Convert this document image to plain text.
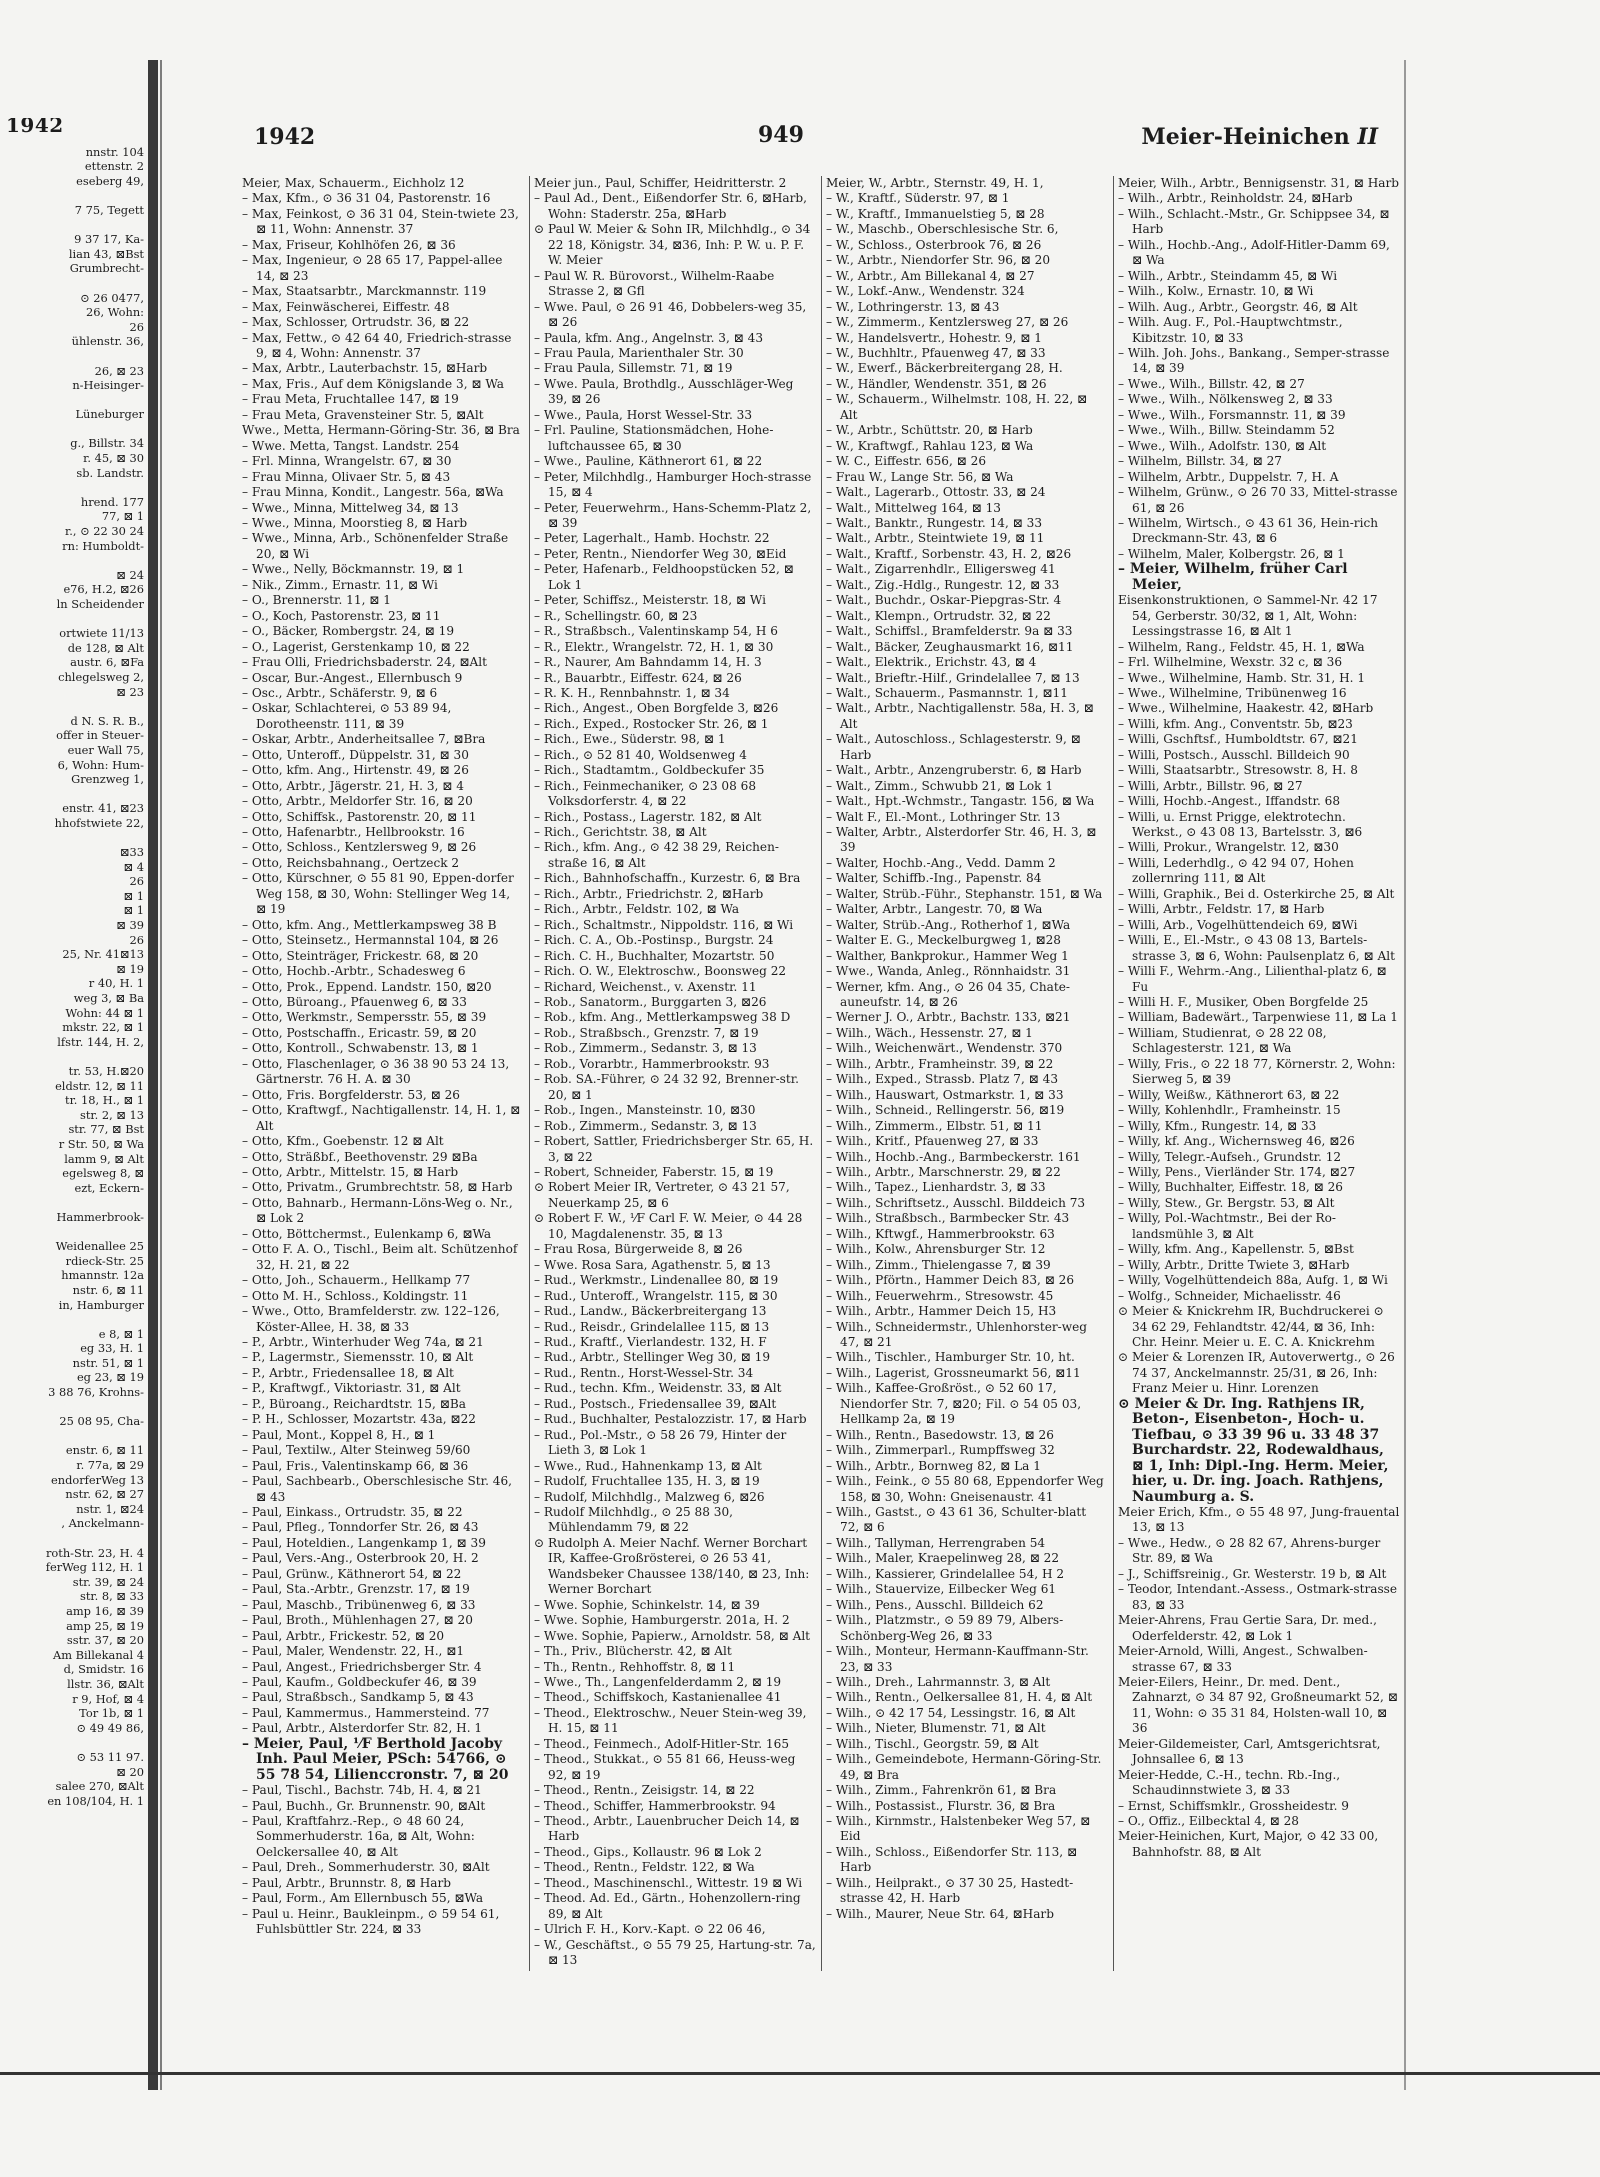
1942
nnstr. 104
ettenstr. 2
eseberg 49,

7 75, Tegett

9 37 17, Ka-
lian 43, ⊠Bst
Grumbrecht-

⊙ 26 0477,
26, Wohn:
26
ühlenstr. 36,

26, ⊠ 23
n-Heisinger-

Lüneburger

g., Billstr. 34
r. 45, ⊠ 30
sb. Landstr.

hrend. 177
77, ⊠ 1
r., ⊙ 22 30 24
rn: Humboldt-

⊠ 24
e76, H.2, ⊠26
ln Scheidender

ortwiete 11/13
de 128, ⊠ Alt
austr. 6, ⊠Fa
chlegelsweg 2,
⊠ 23

d N. S. R. B.,
offer in Steuer-
euer Wall 75,
6, Wohn: Hum-
Grenzweg 1,

enstr. 41, ⊠23
hhofstwiete 22,

⊠33
⊠ 4
26
⊠ 1
⊠ 1
⊠ 39
26
25, Nr. 41⊠13
⊠ 19
r 40, H. 1
weg 3, ⊠ Ba
Wohn: 44 ⊠ 1
mkstr. 22, ⊠ 1
lfstr. 144, H. 2,

tr. 53, H.⊠20
eldstr. 12, ⊠ 11
tr. 18, H., ⊠ 1
str. 2, ⊠ 13
str. 77, ⊠ Bst
r Str. 50, ⊠ Wa
lamm 9, ⊠ Alt
egelsweg 8, ⊠
ezt, Eckern-

Hammerbrook-

Weidenallee 25
rdieck-Str. 25
hmannstr. 12a
nstr. 6, ⊠ 11
in, Hamburger

e 8, ⊠ 1
eg 33, H. 1
nstr. 51, ⊠ 1
eg 23, ⊠ 19
3 88 76, Krohns-

25 08 95, Cha-

enstr. 6, ⊠ 11
r. 77a, ⊠ 29
endorferWeg 13
nstr. 62, ⊠ 27
nstr. 1, ⊠24
, Anckelmann-

roth-Str. 23, H. 4
ferWeg 112, H. 1
str. 39, ⊠ 24
str. 8, ⊠ 33
amp 16, ⊠ 39
amp 25, ⊠ 19
sstr. 37, ⊠ 20
Am Billekanal 4
d, Smidstr. 16
llstr. 36, ⊠Alt
r 9, Hof, ⊠ 4
Tor 1b, ⊠ 1
⊙ 49 49 86,

⊙ 53 11 97.
⊠ 20
salee 270, ⊠Alt
en 108/104, H. 1
1942	949	Meier-Heinichen II
Meier, Max, Schauerm., Eichholz 12
– Max, Kfm., ⊙ 36 31 04, Pastorenstr. 16
– Max, Feinkost, ⊙ 36 31 04, Stein-twiete 23, ⊠ 11, Wohn: Annenstr. 37
– Max, Friseur, Kohlhöfen 26, ⊠ 36
– Max, Ingenieur, ⊙ 28 65 17, Pappel-allee 14, ⊠ 23
– Max, Staatsarbtr., Marckmannstr. 119
– Max, Feinwäscherei, Eiffestr. 48
– Max, Schlosser, Ortrudstr. 36, ⊠ 22
– Max, Fettw., ⊙ 42 64 40, Friedrich-strasse 9, ⊠ 4, Wohn: Annenstr. 37
– Max, Arbtr., Lauterbachstr. 15, ⊠Harb
– Max, Fris., Auf dem Königslande 3, ⊠ Wa
– Frau Meta, Fruchtallee 147, ⊠ 19
– Frau Meta, Gravensteiner Str. 5, ⊠Alt
Wwe., Metta, Hermann-Göring-Str. 36, ⊠ Bra
– Wwe. Metta, Tangst. Landstr. 254
– Frl. Minna, Wrangelstr. 67, ⊠ 30
– Frau Minna, Olivaer Str. 5, ⊠ 43
– Frau Minna, Kondit., Langestr. 56a, ⊠Wa
– Wwe., Minna, Mittelweg 34, ⊠ 13
– Wwe., Minna, Moorstieg 8, ⊠ Harb
– Wwe., Minna, Arb., Schönenfelder Straße 20, ⊠ Wi
– Wwe., Nelly, Böckmannstr. 19, ⊠ 1
– Nik., Zimm., Ernastr. 11, ⊠ Wi
– O., Brennerstr. 11, ⊠ 1
– O., Koch, Pastorenstr. 23, ⊠ 11
– O., Bäcker, Rombergstr. 24, ⊠ 19
– O., Lagerist, Gerstenkamp 10, ⊠ 22
– Frau Olli, Friedrichsbaderstr. 24, ⊠Alt
– Oscar, Bur.-Angest., Ellernbusch 9
– Osc., Arbtr., Schäferstr. 9, ⊠ 6
– Oskar, Schlachterei, ⊙ 53 89 94, Dorotheenstr. 111, ⊠ 39
– Oskar, Arbtr., Anderheitsallee 7, ⊠Bra
– Otto, Unteroff., Düppelstr. 31, ⊠ 30
– Otto, kfm. Ang., Hirtenstr. 49, ⊠ 26
– Otto, Arbtr., Jägerstr. 21, H. 3, ⊠ 4
– Otto, Arbtr., Meldorfer Str. 16, ⊠ 20
– Otto, Schiffsk., Pastorenstr. 20, ⊠ 11
– Otto, Hafenarbtr., Hellbrookstr. 16
– Otto, Schloss., Kentzlersweg 9, ⊠ 26
– Otto, Reichsbahnang., Oertzeck 2
– Otto, Kürschner, ⊙ 55 81 90, Eppen-dorfer Weg 158, ⊠ 30, Wohn: Stellinger Weg 14, ⊠ 19
– Otto, kfm. Ang., Mettlerkampsweg 38 B
– Otto, Steinsetz., Hermannstal 104, ⊠ 26
– Otto, Steinträger, Frickestr. 68, ⊠ 20
– Otto, Hochb.-Arbtr., Schadesweg 6
– Otto, Prok., Eppend. Landstr. 150, ⊠20
– Otto, Büroang., Pfauenweg 6, ⊠ 33
– Otto, Werkmstr., Sempersstr. 55, ⊠ 39
– Otto, Postschaffn., Ericastr. 59, ⊠ 20
– Otto, Kontroll., Schwabenstr. 13, ⊠ 1
– Otto, Flaschenlager, ⊙ 36 38 90 53 24 13, Gärtnerstr. 76 H. A. ⊠ 30
– Otto, Fris. Borgfelderstr. 53, ⊠ 26
– Otto, Kraftwgf., Nachtigallenstr. 14, H. 1, ⊠ Alt
– Otto, Kfm., Goebenstr. 12 ⊠ Alt
– Otto, Sträßbf., Beethovenstr. 29 ⊠Ba
– Otto, Arbtr., Mittelstr. 15, ⊠ Harb
– Otto, Privatm., Grumbrechtstr. 58, ⊠ Harb
– Otto, Bahnarb., Hermann-Löns-Weg o. Nr., ⊠ Lok 2
– Otto, Böttchermst., Eulenkamp 6, ⊠Wa
– Otto F. A. O., Tischl., Beim alt. Schützenhof 32, H. 21, ⊠ 22
– Otto, Joh., Schauerm., Hellkamp 77
– Otto M. H., Schloss., Koldingstr. 11
– Wwe., Otto, Bramfelderstr. zw. 122–126, Köster-Allee, H. 38, ⊠ 33
– P., Arbtr., Winterhuder Weg 74a, ⊠ 21
– P., Lagermstr., Siemensstr. 10, ⊠ Alt
– P., Arbtr., Friedensallee 18, ⊠ Alt
– P., Kraftwgf., Viktoriastr. 31, ⊠ Alt
– P., Büroang., Reichardtstr. 15, ⊠Ba
– P. H., Schlosser, Mozartstr. 43a, ⊠22
– Paul, Mont., Koppel 8, H., ⊠ 1
– Paul, Textilw., Alter Steinweg 59/60
– Paul, Fris., Valentinskamp 66, ⊠ 36
– Paul, Sachbearb., Oberschlesische Str. 46, ⊠ 43
– Paul, Einkass., Ortrudstr. 35, ⊠ 22
– Paul, Pfleg., Tonndorfer Str. 26, ⊠ 43
– Paul, Hoteldien., Langenkamp 1, ⊠ 39
– Paul, Vers.-Ang., Osterbrook 20, H. 2
– Paul, Grünw., Käthnerort 54, ⊠ 22
– Paul, Sta.-Arbtr., Grenzstr. 17, ⊠ 19
– Paul, Maschb., Tribünenweg 6, ⊠ 33
– Paul, Broth., Mühlenhagen 27, ⊠ 20
– Paul, Arbtr., Frickestr. 52, ⊠ 20
– Paul, Maler, Wendenstr. 22, H., ⊠1
– Paul, Angest., Friedrichsberger Str. 4
– Paul, Kaufm., Goldbeckufer 46, ⊠ 39
– Paul, Straßbsch., Sandkamp 5, ⊠ 43
– Paul, Kammermus., Hammersteind. 77
– Paul, Arbtr., Alsterdorfer Str. 82, H. 1
– Meier, Paul, ⅟F Berthold Jacoby Inh. Paul Meier, PSch: 54766, ⊙ 55 78 54, Lilienccronstr. 7, ⊠ 20
– Paul, Tischl., Bachstr. 74b, H. 4, ⊠ 21
– Paul, Buchh., Gr. Brunnenstr. 90, ⊠Alt
– Paul, Kraftfahrz.-Rep., ⊙ 48 60 24, Sommerhuderstr. 16a, ⊠ Alt, Wohn: Oelckersallee 40, ⊠ Alt
– Paul, Dreh., Sommerhuderstr. 30, ⊠Alt
– Paul, Arbtr., Brunnstr. 8, ⊠ Harb
– Paul, Form., Am Ellernbusch 55, ⊠Wa
– Paul u. Heinr., Baukleinpm., ⊙ 59 54 61, Fuhlsbüttler Str. 224, ⊠ 33
Meier jun., Paul, Schiffer, Heidritterstr. 2
– Paul Ad., Dent., Eißendorfer Str. 6, ⊠Harb, Wohn: Staderstr. 25a, ⊠Harb
⊙ Paul W. Meier & Sohn IR, Milchhdlg., ⊙ 34 22 18, Königstr. 34, ⊠36, Inh: P. W. u. P. F. W. Meier
– Paul W. R. Bürovorst., Wilhelm-Raabe Strasse 2, ⊠ Gfl
– Wwe. Paul, ⊙ 26 91 46, Dobbelers-weg 35, ⊠ 26
– Paula, kfm. Ang., Angelnstr. 3, ⊠ 43
– Frau Paula, Marienthaler Str. 30
– Frau Paula, Sillemstr. 71, ⊠ 19
– Wwe. Paula, Brothdlg., Ausschläger-Weg 39, ⊠ 26
– Wwe., Paula, Horst Wessel-Str. 33
– Frl. Pauline, Stationsmädchen, Hohe-luftchaussee 65, ⊠ 30
– Wwe., Pauline, Käthnerort 61, ⊠ 22
– Peter, Milchhdlg., Hamburger Hoch-strasse 15, ⊠ 4
– Peter, Feuerwehrm., Hans-Schemm-Platz 2, ⊠ 39
– Peter, Lagerhalt., Hamb. Hochstr. 22
– Peter, Rentn., Niendorfer Weg 30, ⊠Eid
– Peter, Hafenarb., Feldhoopstücken 52, ⊠ Lok 1
– Peter, Schiffsz., Meisterstr. 18, ⊠ Wi
– R., Schellingstr. 60, ⊠ 23
– R., Straßbsch., Valentinskamp 54, H 6
– R., Elektr., Wrangelstr. 72, H. 1, ⊠ 30
– R., Naurer, Am Bahndamm 14, H. 3
– R., Bauarbtr., Eiffestr. 624, ⊠ 26
– R. K. H., Rennbahnstr. 1, ⊠ 34
– Rich., Angest., Oben Borgfelde 3, ⊠26
– Rich., Exped., Rostocker Str. 26, ⊠ 1
– Rich., Ewe., Süderstr. 98, ⊠ 1
– Rich., ⊙ 52 81 40, Woldsenweg 4
– Rich., Stadtamtm., Goldbeckufer 35
– Rich., Feinmechaniker, ⊙ 23 08 68 Volksdorferstr. 4, ⊠ 22
– Rich., Postass., Lagerstr. 182, ⊠ Alt
– Rich., Gerichtstr. 38, ⊠ Alt
– Rich., kfm. Ang., ⊙ 42 38 29, Reichen-straße 16, ⊠ Alt
– Rich., Bahnhofschaffn., Kurzestr. 6, ⊠ Bra
– Rich., Arbtr., Friedrichstr. 2, ⊠Harb
– Rich., Arbtr., Feldstr. 102, ⊠ Wa
– Rich., Schaltmstr., Nippoldstr. 116, ⊠ Wi
– Rich. C. A., Ob.-Postinsp., Burgstr. 24
– Rich. C. H., Buchhalter, Mozartstr. 50
– Rich. O. W., Elektroschw., Boonsweg 22
– Richard, Weichenst., v. Axenstr. 11
– Rob., Sanatorm., Burggarten 3, ⊠26
– Rob., kfm. Ang., Mettlerkampsweg 38 D
– Rob., Straßbsch., Grenzstr. 7, ⊠ 19
– Rob., Zimmerm., Sedanstr. 3, ⊠ 13
– Rob., Vorarbtr., Hammerbrookstr. 93
– Rob. SA.-Führer, ⊙ 24 32 92, Brenner-str. 20, ⊠ 1
– Rob., Ingen., Mansteinstr. 10, ⊠30
– Rob., Zimmerm., Sedanstr. 3, ⊠ 13
– Robert, Sattler, Friedrichsberger Str. 65, H. 3, ⊠ 22
– Robert, Schneider, Faberstr. 15, ⊠ 19
⊙ Robert Meier IR, Vertreter, ⊙ 43 21 57, Neuerkamp 25, ⊠ 6
⊙ Robert F. W., ⅟F Carl F. W. Meier, ⊙ 44 28 10, Magdalenenstr. 35, ⊠ 13
– Frau Rosa, Bürgerweide 8, ⊠ 26
– Wwe. Rosa Sara, Agathenstr. 5, ⊠ 13
– Rud., Werkmstr., Lindenallee 80, ⊠ 19
– Rud., Unteroff., Wrangelstr. 115, ⊠ 30
– Rud., Landw., Bäckerbreitergang 13
– Rud., Reisdr., Grindelallee 115, ⊠ 13
– Rud., Kraftf., Vierlandestr. 132, H. F
– Rud., Arbtr., Stellinger Weg 30, ⊠ 19
– Rud., Rentn., Horst-Wessel-Str. 34
– Rud., techn. Kfm., Weidenstr. 33, ⊠ Alt
– Rud., Postsch., Friedensallee 39, ⊠Alt
– Rud., Buchhalter, Pestalozzistr. 17, ⊠ Harb
– Rud., Pol.-Mstr., ⊙ 58 26 79, Hinter der Lieth 3, ⊠ Lok 1
– Wwe., Rud., Hahnenkamp 13, ⊠ Alt
– Rudolf, Fruchtallee 135, H. 3, ⊠ 19
– Rudolf, Milchhdlg., Malzweg 6, ⊠26
– Rudolf Milchhdlg., ⊙ 25 88 30, Mühlendamm 79, ⊠ 22
⊙ Rudolph A. Meier Nachf. Werner Borchart IR, Kaffee-Großrösterei, ⊙ 26 53 41, Wandsbeker Chaussee 138/140, ⊠ 23, Inh: Werner Borchart
– Wwe. Sophie, Schinkelstr. 14, ⊠ 39
– Wwe. Sophie, Hamburgerstr. 201a, H. 2
– Wwe. Sophie, Papierw., Arnoldstr. 58, ⊠ Alt
– Th., Priv., Blücherstr. 42, ⊠ Alt
– Th., Rentn., Rehhoffstr. 8, ⊠ 11
– Wwe., Th., Langenfelderdamm 2, ⊠ 19
– Theod., Schiffskoch, Kastanienallee 41
– Theod., Elektroschw., Neuer Stein-weg 39, H. 15, ⊠ 11
– Theod., Feinmech., Adolf-Hitler-Str. 165
– Theod., Stukkat., ⊙ 55 81 66, Heuss-weg 92, ⊠ 19
– Theod., Rentn., Zeisigstr. 14, ⊠ 22
– Theod., Schiffer, Hammerbrookstr. 94
– Theod., Arbtr., Lauenbrucher Deich 14, ⊠ Harb
– Theod., Gips., Kollaustr. 96 ⊠ Lok 2
– Theod., Rentn., Feldstr. 122, ⊠ Wa
– Theod., Maschinenschl., Wittestr. 19 ⊠ Wi
– Theod. Ad. Ed., Gärtn., Hohenzollern-ring 89, ⊠ Alt
– Ulrich F. H., Korv.-Kapt. ⊙ 22 06 46,
– W., Geschäftst., ⊙ 55 79 25, Hartung-str. 7a, ⊠ 13
Meier, W., Arbtr., Sternstr. 49, H. 1,
– W., Kraftf., Süderstr. 97, ⊠ 1
– W., Kraftf., Immanuelstieg 5, ⊠ 28
– W., Maschb., Oberschlesische Str. 6,
– W., Schloss., Osterbrook 76, ⊠ 26
– W., Arbtr., Niendorfer Str. 96, ⊠ 20
– W., Arbtr., Am Billekanal 4, ⊠ 27
– W., Lokf.-Anw., Wendenstr. 324
– W., Lothringerstr. 13, ⊠ 43
– W., Zimmerm., Kentzlersweg 27, ⊠ 26
– W., Handelsvertr., Hohestr. 9, ⊠ 1
– W., Buchhltr., Pfauenweg 47, ⊠ 33
– W., Ewerf., Bäckerbreitergang 28, H.
– W., Händler, Wendenstr. 351, ⊠ 26
– W., Schauerm., Wilhelmstr. 108, H. 22, ⊠ Alt
– W., Arbtr., Schüttstr. 20, ⊠ Harb
– W., Kraftwgf., Rahlau 123, ⊠ Wa
– W. C., Eiffestr. 656, ⊠ 26
– Frau W., Lange Str. 56, ⊠ Wa
– Walt., Lagerarb., Ottostr. 33, ⊠ 24
– Walt., Mittelweg 164, ⊠ 13
– Walt., Banktr., Rungestr. 14, ⊠ 33
– Walt., Arbtr., Steintwiete 19, ⊠ 11
– Walt., Kraftf., Sorbenstr. 43, H. 2, ⊠26
– Walt., Zigarrenhdlr., Elligersweg 41
– Walt., Zig.-Hdlg., Rungestr. 12, ⊠ 33
– Walt., Buchdr., Oskar-Piepgras-Str. 4
– Walt., Klempn., Ortrudstr. 32, ⊠ 22
– Walt., Schiffsl., Bramfelderstr. 9a ⊠ 33
– Walt., Bäcker, Zeughausmarkt 16, ⊠11
– Walt., Elektrik., Erichstr. 43, ⊠ 4
– Walt., Brieftr.-Hilf., Grindelallee 7, ⊠ 13
– Walt., Schauerm., Pasmannstr. 1, ⊠11
– Walt., Arbtr., Nachtigallenstr. 58a, H. 3, ⊠ Alt
– Walt., Autoschloss., Schlagesterstr. 9, ⊠ Harb
– Walt., Arbtr., Anzengruberstr. 6, ⊠ Harb
– Walt., Zimm., Schwubb 21, ⊠ Lok 1
– Walt., Hpt.-Wchmstr., Tangastr. 156, ⊠ Wa
– Walt F., El.-Mont., Lothringer Str. 13
– Walter, Arbtr., Alsterdorfer Str. 46, H. 3, ⊠ 39
– Walter, Hochb.-Ang., Vedd. Damm 2
– Walter, Schiffb.-Ing., Papenstr. 84
– Walter, Strüb.-Führ., Stephanstr. 151, ⊠ Wa
– Walter, Arbtr., Langestr. 70, ⊠ Wa
– Walter, Strüb.-Ang., Rotherhof 1, ⊠Wa
– Walter E. G., Meckelburgweg 1, ⊠28
– Walther, Bankprokur., Hammer Weg 1
– Wwe., Wanda, Anleg., Rönnhaidstr. 31
– Werner, kfm. Ang., ⊙ 26 04 35, Chate-auneufstr. 14, ⊠ 26
– Werner J. O., Arbtr., Bachstr. 133, ⊠21
– Wilh., Wäch., Hessenstr. 27, ⊠ 1
– Wilh., Weichenwärt., Wendenstr. 370
– Wilh., Arbtr., Framheinstr. 39, ⊠ 22
– Wilh., Exped., Strassb. Platz 7, ⊠ 43
– Wilh., Hauswart, Ostmarkstr. 1, ⊠ 33
– Wilh., Schneid., Rellingerstr. 56, ⊠19
– Wilh., Zimmerm., Elbstr. 51, ⊠ 11
– Wilh., Kritf., Pfauenweg 27, ⊠ 33
– Wilh., Hochb.-Ang., Barmbeckerstr. 161
– Wilh., Arbtr., Marschnerstr. 29, ⊠ 22
– Wilh., Tapez., Lienhardstr. 3, ⊠ 33
– Wilh., Schriftsetz., Ausschl. Bilddeich 73
– Wilh., Straßbsch., Barmbecker Str. 43
– Wilh., Kftwgf., Hammerbrookstr. 63
– Wilh., Kolw., Ahrensburger Str. 12
– Wilh., Zimm., Thielengasse 7, ⊠ 39
– Wilh., Pförtn., Hammer Deich 83, ⊠ 26
– Wilh., Feuerwehrm., Stresowstr. 45
– Wilh., Arbtr., Hammer Deich 15, H3
– Wilh., Schneidermstr., Uhlenhorster-weg 47, ⊠ 21
– Wilh., Tischler., Hamburger Str. 10, ht.
– Wilh., Lagerist, Grossneumarkt 56, ⊠11
– Wilh., Kaffee-Großröst., ⊙ 52 60 17, Niendorfer Str. 7, ⊠20; Fil. ⊙ 54 05 03, Hellkamp 2a, ⊠ 19
– Wilh., Rentn., Basedowstr. 13, ⊠ 26
– Wilh., Zimmerparl., Rumpffsweg 32
– Wilh., Arbtr., Bornweg 82, ⊠ La 1
– Wilh., Feink., ⊙ 55 80 68, Eppendorfer Weg 158, ⊠ 30, Wohn: Gneisenaustr. 41
– Wilh., Gastst., ⊙ 43 61 36, Schulter-blatt 72, ⊠ 6
– Wilh., Tallyman, Herrengraben 54
– Wilh., Maler, Kraepelinweg 28, ⊠ 22
– Wilh., Kassierer, Grindelallee 54, H 2
– Wilh., Stauervize, Eilbecker Weg 61
– Wilh., Pens., Ausschl. Billdeich 62
– Wilh., Platzmstr., ⊙ 59 89 79, Albers-Schönberg-Weg 26, ⊠ 33
– Wilh., Monteur, Hermann-Kauffmann-Str. 23, ⊠ 33
– Wilh., Dreh., Lahrmannstr. 3, ⊠ Alt
– Wilh., Rentn., Oelkersallee 81, H. 4, ⊠ Alt
– Wilh., ⊙ 42 17 54, Lessingstr. 16, ⊠ Alt
– Wilh., Nieter, Blumenstr. 71, ⊠ Alt
– Wilh., Tischl., Georgstr. 59, ⊠ Alt
– Wilh., Gemeindebote, Hermann-Göring-Str. 49, ⊠ Bra
– Wilh., Zimm., Fahrenkrön 61, ⊠ Bra
– Wilh., Postassist., Flurstr. 36, ⊠ Bra
– Wilh., Kirnmstr., Halstenbeker Weg 57, ⊠ Eid
– Wilh., Schloss., Eißendorfer Str. 113, ⊠ Harb
– Wilh., Heilprakt., ⊙ 37 30 25, Hastedt-strasse 42, H. Harb
– Wilh., Maurer, Neue Str. 64, ⊠Harb
Meier, Wilh., Arbtr., Bennigsenstr. 31, ⊠ Harb
– Wilh., Arbtr., Reinholdstr. 24, ⊠Harb
– Wilh., Schlacht.-Mstr., Gr. Schippsee 34, ⊠ Harb
– Wilh., Hochb.-Ang., Adolf-Hitler-Damm 69, ⊠ Wa
– Wilh., Arbtr., Steindamm 45, ⊠ Wi
– Wilh., Kolw., Ernastr. 10, ⊠ Wi
– Wilh. Aug., Arbtr., Georgstr. 46, ⊠ Alt
– Wilh. Aug. F., Pol.-Hauptwchtmstr., Kibitzstr. 10, ⊠ 33
– Wilh. Joh. Johs., Bankang., Semper-strasse 14, ⊠ 39
– Wwe., Wilh., Billstr. 42, ⊠ 27
– Wwe., Wilh., Nölkensweg 2, ⊠ 33
– Wwe., Wilh., Forsmannstr. 11, ⊠ 39
– Wwe., Wilh., Billw. Steindamm 52
– Wwe., Wilh., Adolfstr. 130, ⊠ Alt
– Wilhelm, Billstr. 34, ⊠ 27
– Wilhelm, Arbtr., Duppelstr. 7, H. A
– Wilhelm, Grünw., ⊙ 26 70 33, Mittel-strasse 61, ⊠ 26
– Wilhelm, Wirtsch., ⊙ 43 61 36, Hein-rich Dreckmann-Str. 43, ⊠ 6
– Wilhelm, Maler, Kolbergstr. 26, ⊠ 1
– Meier, Wilhelm, früher Carl Meier,
Eisenkonstruktionen, ⊙ Sammel-Nr. 42 17 54, Gerberstr. 30/32, ⊠ 1, Alt, Wohn: Lessingstrasse 16, ⊠ Alt 1
– Wilhelm, Rang., Feldstr. 45, H. 1, ⊠Wa
– Frl. Wilhelmine, Wexstr. 32 c, ⊠ 36
– Wwe., Wilhelmine, Hamb. Str. 31, H. 1
– Wwe., Wilhelmine, Tribünenweg 16
– Wwe., Wilhelmine, Haakestr. 42, ⊠Harb
– Willi, kfm. Ang., Conventstr. 5b, ⊠23
– Willi, Gschftsf., Humboldtstr. 67, ⊠21
– Willi, Postsch., Ausschl. Billdeich 90
– Willi, Staatsarbtr., Stresowstr. 8, H. 8
– Willi, Arbtr., Billstr. 96, ⊠ 27
– Willi, Hochb.-Angest., Iffandstr. 68
– Willi, u. Ernst Prigge, elektrotechn. Werkst., ⊙ 43 08 13, Bartelsstr. 3, ⊠6
– Willi, Prokur., Wrangelstr. 12, ⊠30
– Willi, Lederhdlg., ⊙ 42 94 07, Hohen zollernring 111, ⊠ Alt
– Willi, Graphik., Bei d. Osterkirche 25, ⊠ Alt
– Willi, Arbtr., Feldstr. 17, ⊠ Harb
– Willi, Arb., Vogelhüttendeich 69, ⊠Wi
– Willi, E., El.-Mstr., ⊙ 43 08 13, Bartels-strasse 3, ⊠ 6, Wohn: Paulsenplatz 6, ⊠ Alt
– Willi F., Wehrm.-Ang., Lilienthal-platz 6, ⊠ Fu
– Willi H. F., Musiker, Oben Borgfelde 25
– William, Badewärt., Tarpenwiese 11, ⊠ La 1
– William, Studienrat, ⊙ 28 22 08, Schlagesterstr. 121, ⊠ Wa
– Willy, Fris., ⊙ 22 18 77, Körnerstr. 2, Wohn: Sierweg 5, ⊠ 39
– Willy, Weißw., Käthnerort 63, ⊠ 22
– Willy, Kohlenhdlr., Framheinstr. 15
– Willy, Kfm., Rungestr. 14, ⊠ 33
– Willy, kf. Ang., Wichernsweg 46, ⊠26
– Willy, Telegr.-Aufseh., Grundstr. 12
– Willy, Pens., Vierländer Str. 174, ⊠27
– Willy, Buchhalter, Eiffestr. 18, ⊠ 26
– Willy, Stew., Gr. Bergstr. 53, ⊠ Alt
– Willy, Pol.-Wachtmstr., Bei der Ro-landsmühle 3, ⊠ Alt
– Willy, kfm. Ang., Kapellenstr. 5, ⊠Bst
– Willy, Arbtr., Dritte Twiete 3, ⊠Harb
– Willy, Vogelhüttendeich 88a, Aufg. 1, ⊠ Wi
– Wolfg., Schneider, Michaelisstr. 46
⊙ Meier & Knickrehm IR, Buchdruckerei ⊙ 34 62 29, Fehlandtstr. 42/44, ⊠ 36, Inh: Chr. Heinr. Meier u. E. C. A. Knickrehm
⊙ Meier & Lorenzen IR, Autoverwertg., ⊙ 26 74 37, Anckelmannstr. 25/31, ⊠ 26, Inh: Franz Meier u. Hinr. Lorenzen
⊙ Meier & Dr. Ing. Rathjens IR, Beton-, Eisenbeton-, Hoch- u. Tiefbau, ⊙ 33 39 96 u. 33 48 37 Burchardstr. 22, Rodewaldhaus, ⊠ 1, Inh: Dipl.-Ing. Herm. Meier, hier, u. Dr. ing. Joach. Rathjens, Naumburg a. S.
Meier Erich, Kfm., ⊙ 55 48 97, Jung-frauental 13, ⊠ 13
– Wwe., Hedw., ⊙ 28 82 67, Ahrens-burger Str. 89, ⊠ Wa
– J., Schiffsreinig., Gr. Westerstr. 19 b, ⊠ Alt
– Teodor, Intendant.-Assess., Ostmark-strasse 83, ⊠ 33
Meier-Ahrens, Frau Gertie Sara, Dr. med., Oderfelderstr. 42, ⊠ Lok 1
Meier-Arnold, Willi, Angest., Schwalben-strasse 67, ⊠ 33
Meier-Eilers, Heinr., Dr. med. Dent., Zahnarzt, ⊙ 34 87 92, Großneumarkt 52, ⊠ 11, Wohn: ⊙ 35 31 84, Holsten-wall 10, ⊠ 36
Meier-Gildemeister, Carl, Amtsgerichtsrat, Johnsallee 6, ⊠ 13
Meier-Hedde, C.-H., techn. Rb.-Ing., Schaudinnstwiete 3, ⊠ 33
– Ernst, Schiffsmklr., Grossheidestr. 9
– O., Offiz., Eilbecktal 4, ⊠ 28
Meier-Heinichen, Kurt, Major, ⊙ 42 33 00, Bahnhofstr. 88, ⊠ Alt
